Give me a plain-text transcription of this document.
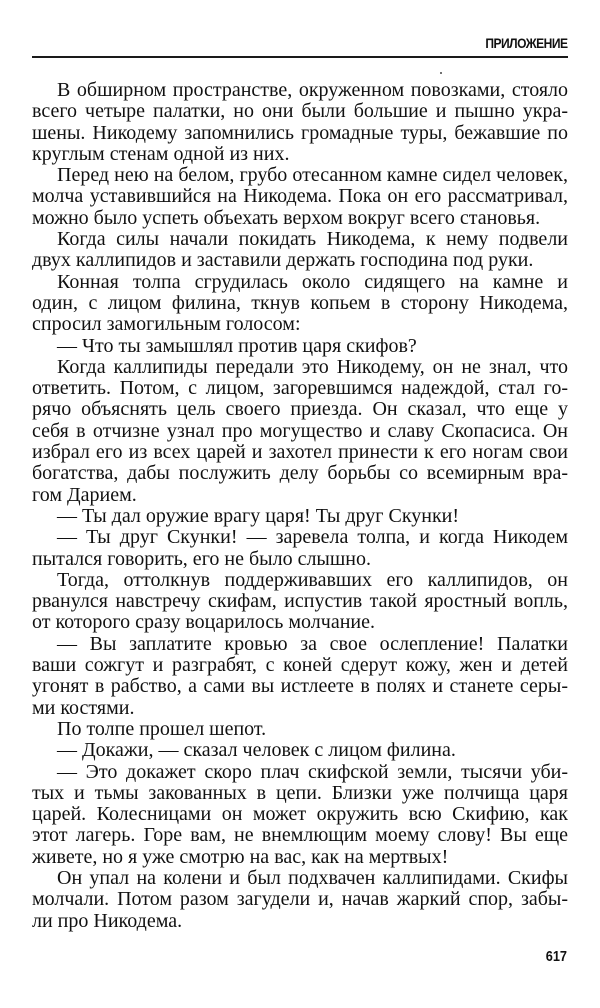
ПРИЛОЖЕНИЕ
В обширном пространстве, окруженном повозками, стояло
всего четыре палатки, но они были большие и пышно укра-
шены. Никодему запомнились громадные туры, бежавшие по
круглым стенам одной из них.
Перед нею на белом, грубо отесанном камне сидел человек,
молча уставившийся на Никодема. Пока он его рассматривал,
можно было успеть объехать верхом вокруг всего становья.
Когда силы начали покидать Никодема, к нему подвели
двух каллипидов и заставили держать господина под руки.
Конная толпа сгрудилась около сидящего на камне и
один, с лицом филина, ткнув копьем в сторону Никодема,
спросил замогильным голосом:
— Что ты замышлял против царя скифов?
Когда каллипиды передали это Никодему, он не знал, что
ответить. Потом, с лицом, загоревшимся надеждой, стал го-
рячо объяснять цель своего приезда. Он сказал, что еще у
себя в отчизне узнал про могущество и славу Скопасиса. Он
избрал его из всех царей и захотел принести к его ногам свои
богатства, дабы послужить делу борьбы со всемирным вра-
гом Дарием.
— Ты дал оружие врагу царя! Ты друг Скунки!
— Ты друг Скунки! — заревела толпа, и когда Никодем
пытался говорить, его не было слышно.
Тогда, оттолкнув поддерживавших его каллипидов, он
рванулся навстречу скифам, испустив такой яростный вопль,
от которого сразу воцарилось молчание.
— Вы заплатите кровью за свое ослепление! Палатки
ваши сожгут и разграбят, с коней сдерут кожу, жен и детей
угонят в рабство, а сами вы истлеете в полях и станете серы-
ми костями.
По толпе прошел шепот.
— Докажи, — сказал человек с лицом филина.
— Это докажет скоро плач скифской земли, тысячи уби-
тых и тьмы закованных в цепи. Близки уже полчища царя
царей. Колесницами он может окружить всю Скифию, как
этот лагерь. Горе вам, не внемлющим моему слову! Вы еще
живете, но я уже смотрю на вас, как на мертвых!
Он упал на колени и был подхвачен каллипидами. Скифы
молчали. Потом разом загудели и, начав жаркий спор, забы-
ли про Никодема.
617
